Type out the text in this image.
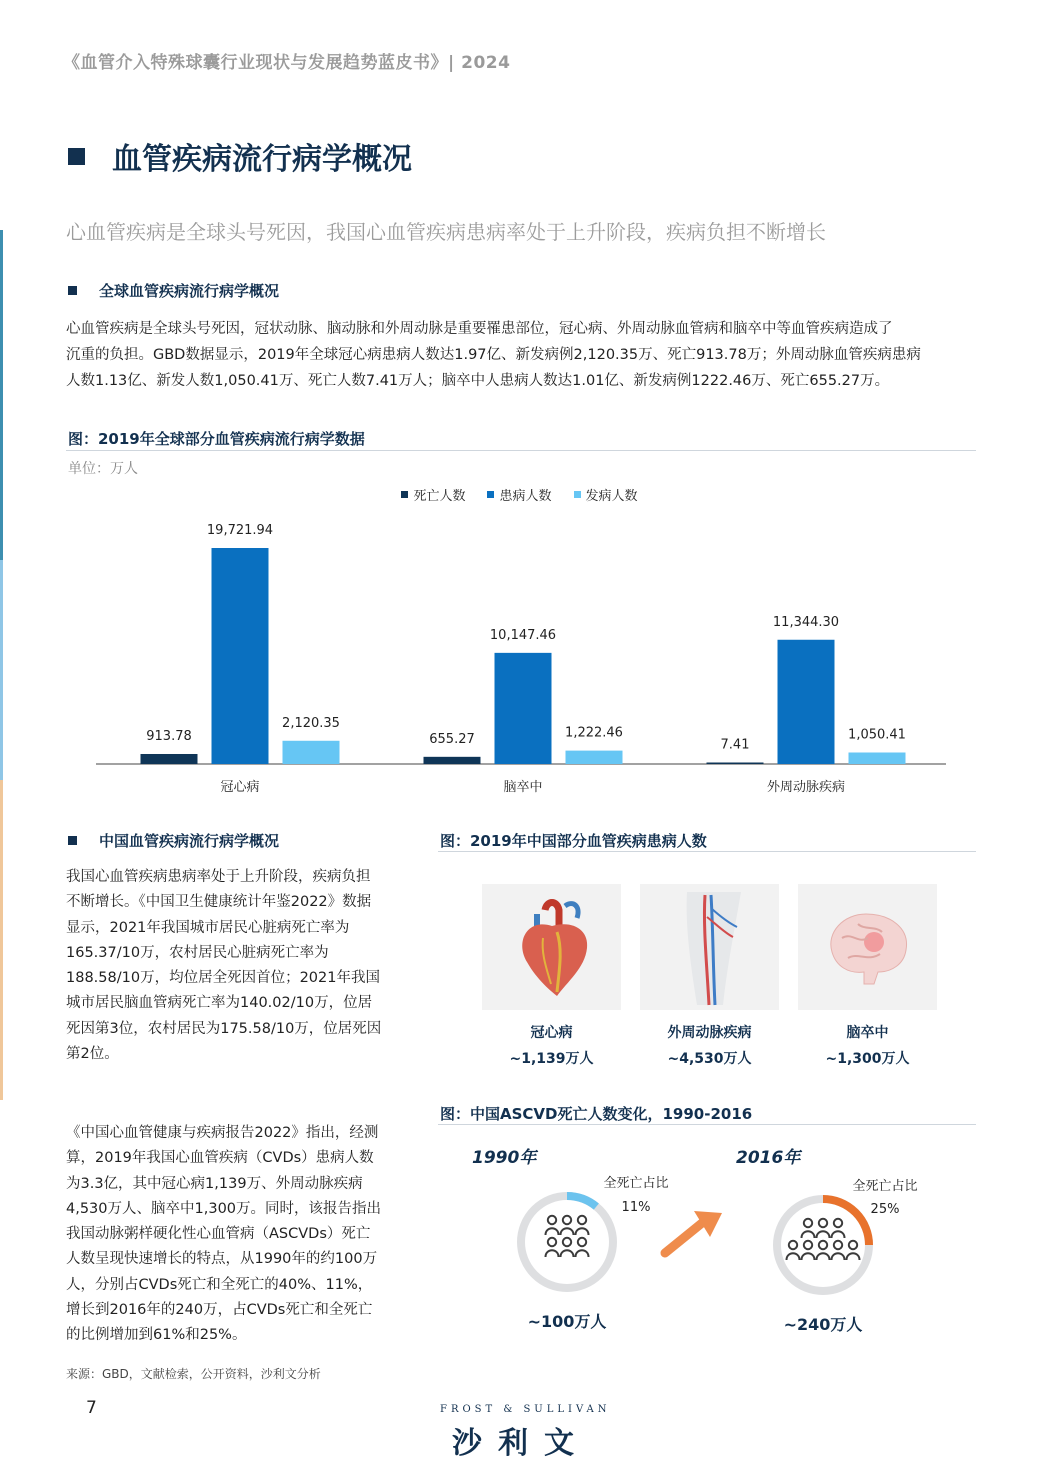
《血管介入特殊球囊行业现状与发展趋势蓝皮书》| 2024
血管疾病流行病学概况
心血管疾病是全球头号死因，我国心血管疾病患病率处于上升阶段，疾病负担不断增长
全球血管疾病流行病学概况
心血管疾病是全球头号死因，冠状动脉、脑动脉和外周动脉是重要罹患部位，冠心病、外周动脉血管病和脑卒中等血管疾病造成了
沉重的负担。GBD数据显示，2019年全球冠心病患病人数达1.97亿、新发病例2,120.35万、死亡913.78万；外周动脉血管疾病患病
人数1.13亿、新发人数1,050.41万、死亡人数7.41万人；脑卒中人患病人数达1.01亿、新发病例1222.46万、死亡655.27万。
图：2019年全球部分血管疾病流行病学数据
单位：万人
死亡人数	患病人数	发病人数
913.78
19,721.94
2,120.35
冠心病
655.27
10,147.46
1,222.46
脑卒中
7.41
11,344.30
1,050.41
外周动脉疾病
中国血管疾病流行病学概况
我国心血管疾病患病率处于上升阶段，疾病负担
不断增长。《中国卫生健康统计年鉴2022》数据
显示，2021年我国城市居民心脏病死亡率为
165.37/10万，农村居民心脏病死亡率为
188.58/10万，均位居全死因首位；2021年我国
城市居民脑血管病死亡率为140.02/10万，位居
死因第3位，农村居民为175.58/10万，位居死因
第2位。
《中国心血管健康与疾病报告2022》指出，经测
算，2019年我国心血管疾病（CVDs）患病人数
为3.3亿，其中冠心病1,139万、外周动脉疾病
4,530万人、脑卒中1,300万。同时，该报告指出
我国动脉粥样硬化性心血管病（ASCVDs）死亡
人数呈现快速增长的特点，从1990年的约100万
人，分别占CVDs死亡和全死亡的40%、11%，
增长到2016年的240万，占CVDs死亡和全死亡
的比例增加到61%和25%。
图：2019年中国部分血管疾病患病人数
冠心病
~1,139万人
外周动脉疾病
~4,530万人
脑卒中
~1,300万人
图：中国ASCVD死亡人数变化，1990-2016
1990年
全死亡占比
11%
~100万人
2016年
全死亡占比
25%
~240万人
来源：GBD，文献检索，公开资料，沙利文分析
7	FROST & SULLIVAN
沙利文
